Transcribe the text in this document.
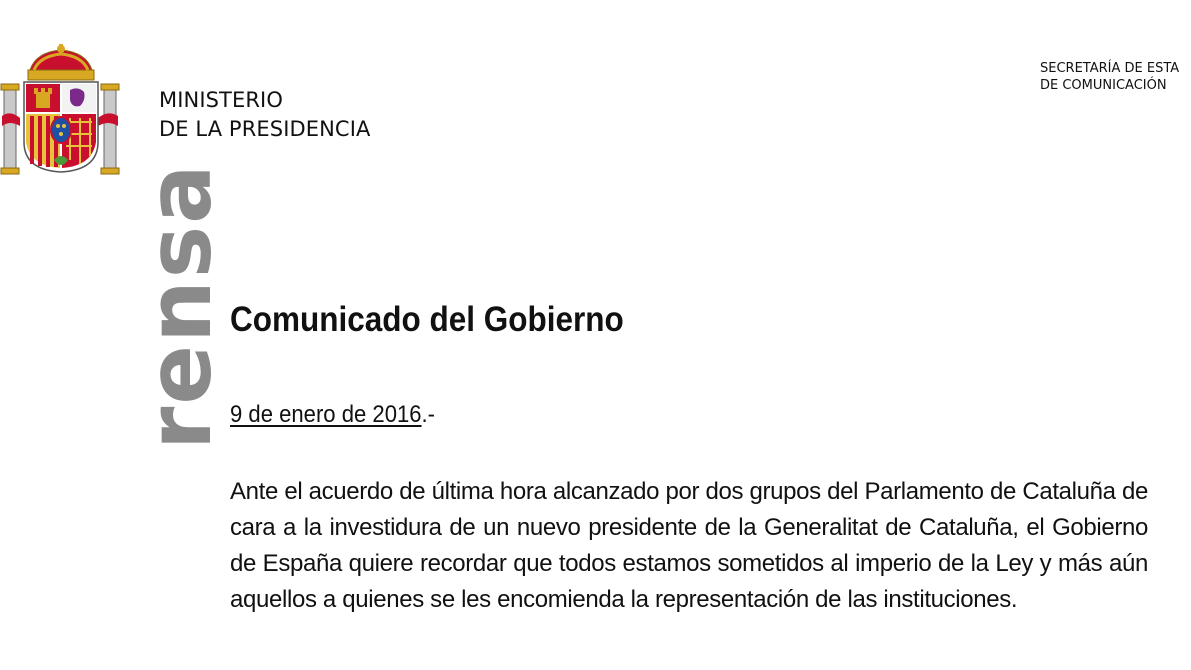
MINISTERIO
DE LA PRESIDENCIA
SECRETARÍA DE ESTA
DE COMUNICACIÓN
Comunicado del Gobierno
9 de enero de 2016.-
Ante el acuerdo de última hora alcanzado por dos grupos del Parlamento de Cataluña de cara a la investidura de un nuevo presidente de la Generalitat de Cataluña, el Gobierno de España quiere recordar que todos estamos sometidos al imperio de la Ley y más aún aquellos a quienes se les encomienda la representación de las instituciones.
rensa
